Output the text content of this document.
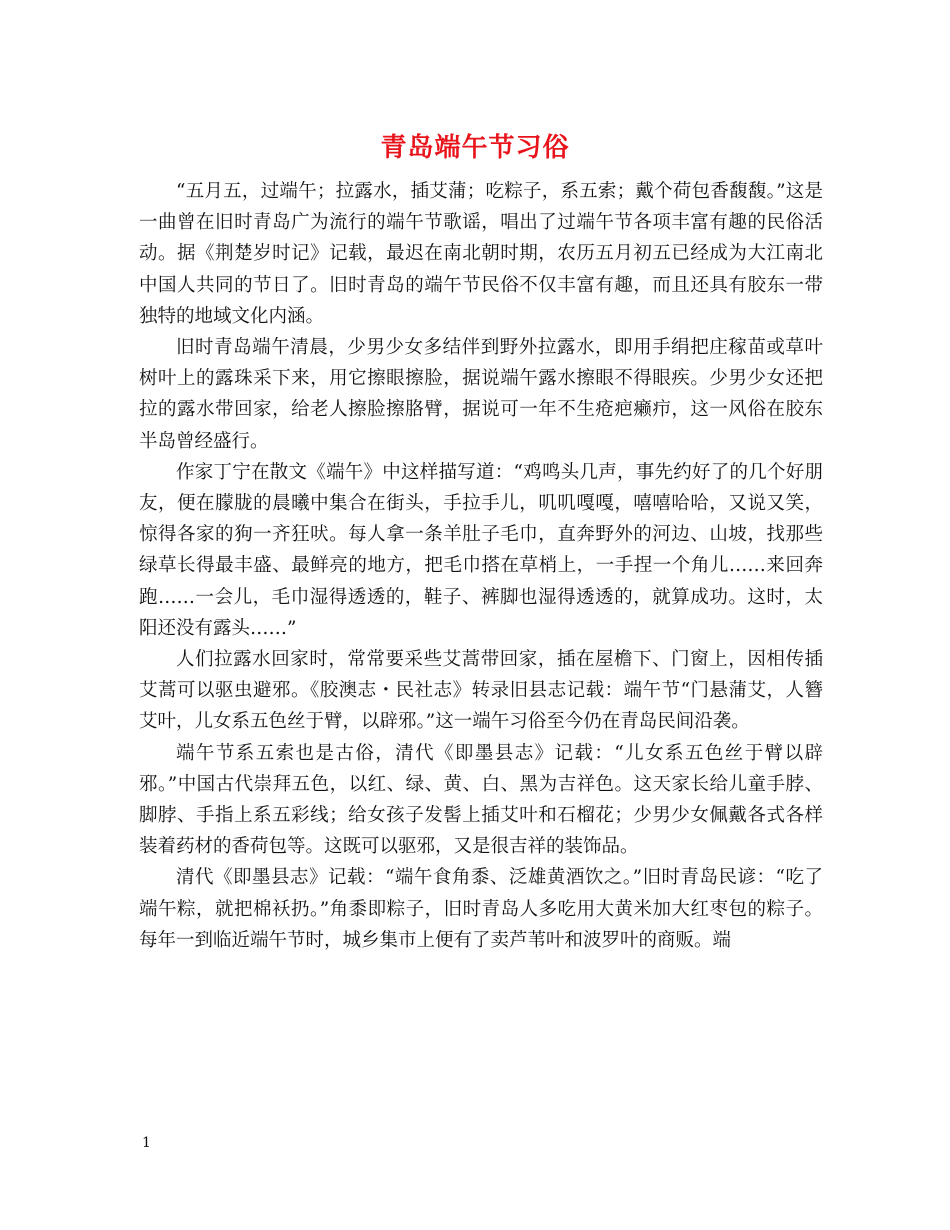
青岛端午节习俗

“五月五，过端午；拉露水，插艾蒲；吃粽子，系五索；戴个荷包香馥馥。”这是一曲曾在旧时青岛广为流行的端午节歌谣，唱出了过端午节各项丰富有趣的民俗活动。据《荆楚岁时记》记载，最迟在南北朝时期，农历五月初五已经成为大江南北中国人共同的节日了。旧时青岛的端午节民俗不仅丰富有趣，而且还具有胶东一带独特的地域文化内涵。

旧时青岛端午清晨，少男少女多结伴到野外拉露水，即用手绢把庄稼苗或草叶树叶上的露珠采下来，用它擦眼擦脸，据说端午露水擦眼不得眼疾。少男少女还把拉的露水带回家，给老人擦脸擦胳臂，据说可一年不生疮疤癞疖，这一风俗在胶东半岛曾经盛行。

作家丁宁在散文《端午》中这样描写道：“鸡鸣头几声，事先约好了的几个好朋友，便在朦胧的晨曦中集合在街头，手拉手儿，叽叽嘎嘎，嘻嘻哈哈，又说又笑，惊得各家的狗一齐狂吠。每人拿一条羊肚子毛巾，直奔野外的河边、山坡，找那些绿草长得最丰盛、最鲜亮的地方，把毛巾搭在草梢上，一手捏一个角儿……来回奔跑……一会儿，毛巾湿得透透的，鞋子、裤脚也湿得透透的，就算成功。这时，太阳还没有露头……”

人们拉露水回家时，常常要采些艾蒿带回家，插在屋檐下、门窗上，因相传插艾蒿可以驱虫避邪。《胶澳志・民社志》转录旧县志记载：端午节“门悬蒲艾，人簪艾叶，儿女系五色丝于臂，以辟邪。”这一端午习俗至今仍在青岛民间沿袭。

端午节系五索也是古俗，清代《即墨县志》记载：“儿女系五色丝于臂以辟邪。”中国古代崇拜五色，以红、绿、黄、白、黑为吉祥色。这天家长给儿童手脖、脚脖、手指上系五彩线；给女孩子发髻上插艾叶和石榴花；少男少女佩戴各式各样装着药材的香荷包等。这既可以驱邪，又是很吉祥的装饰品。

清代《即墨县志》记载：“端午食角黍、泛雄黄酒饮之。”旧时青岛民谚：“吃了端午粽，就把棉袄扔。”角黍即粽子，旧时青岛人多吃用大黄米加大红枣包的粽子。每年一到临近端午节时，城乡集市上便有了卖芦苇叶和波罗叶的商贩。端

1
